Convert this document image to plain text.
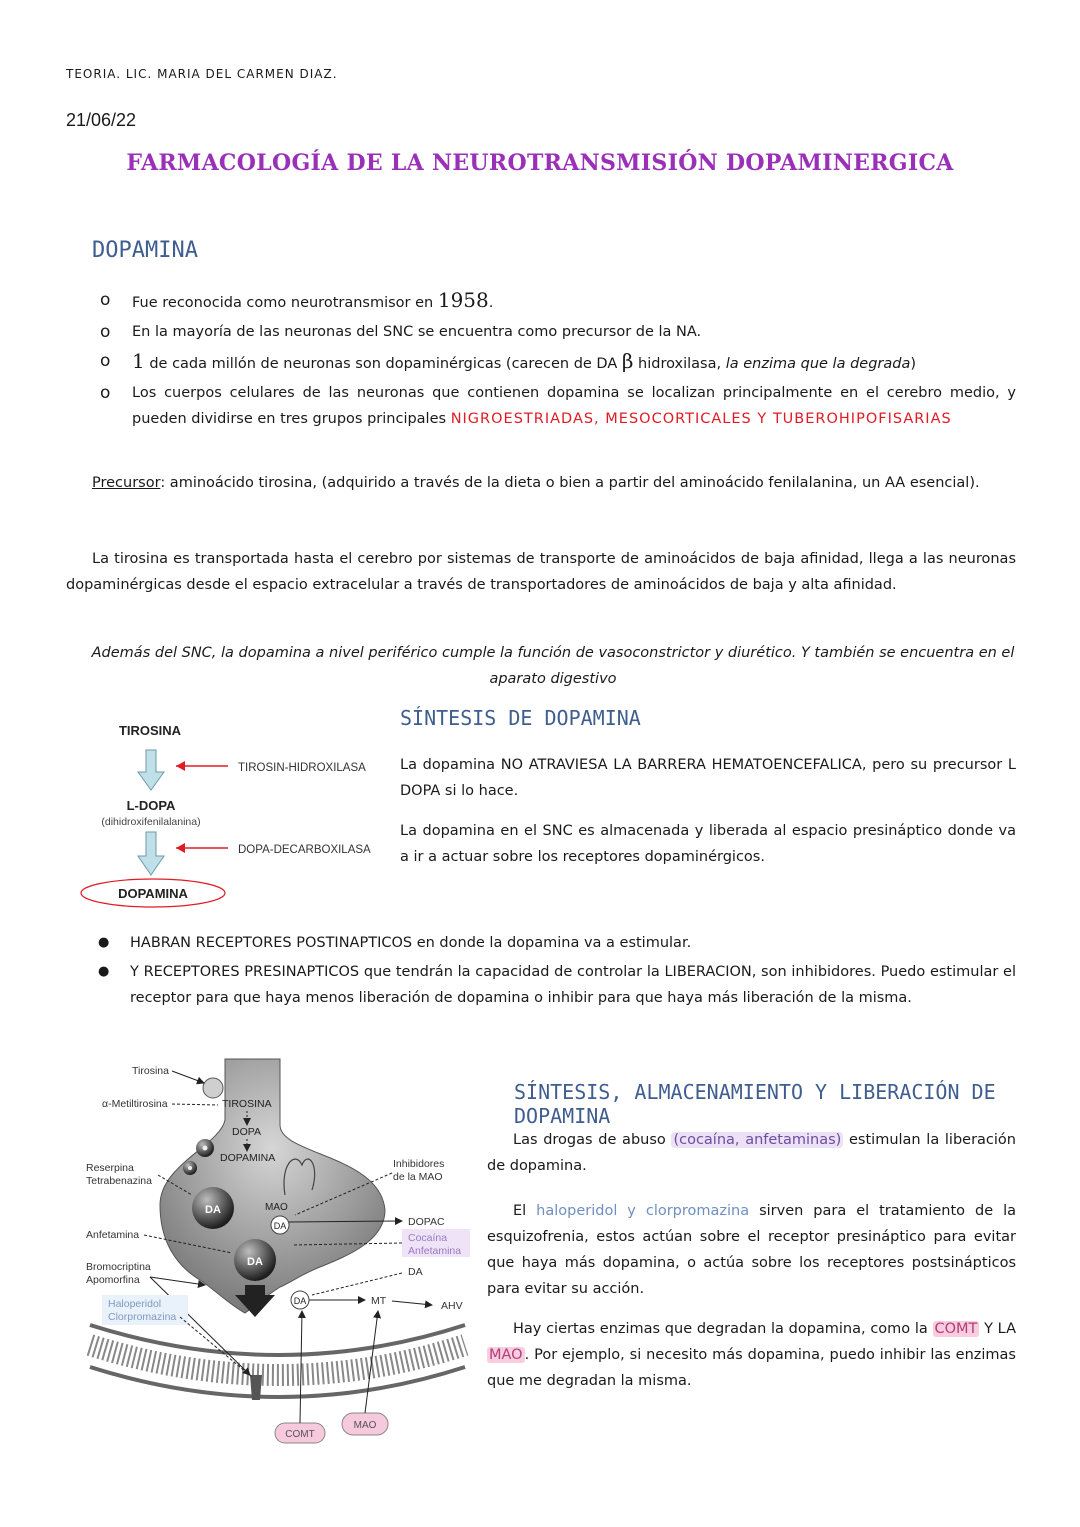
TEORIA. LIC. MARIA DEL CARMEN DIAZ.
21/06/22
FARMACOLOGÍA DE LA NEUROTRANSMISIÓN DOPAMINERGICA
DOPAMINA
o Fue reconocida como neurotransmisor en 1958.
o En la mayoría de las neuronas del SNC se encuentra como precursor de la NA.
o 1 de cada millón de neuronas son dopaminérgicas (carecen de DA β hidroxilasa, la enzima que la degrada)
o Los cuerpos celulares de las neuronas que contienen dopamina se localizan principalmente en el cerebro medio, y pueden dividirse en tres grupos principales NIGROESTRIADAS, MESOCORTICALES Y TUBEROHIPOFISARIAS
Precursor: aminoácido tirosina, (adquirido a través de la dieta o bien a partir del aminoácido fenilalanina, un AA esencial).
La tirosina es transportada hasta el cerebro por sistemas de transporte de aminoácidos de baja afinidad, llega a las neuronas dopaminérgicas desde el espacio extracelular a través de transportadores de aminoácidos de baja y alta afinidad.
Además del SNC, la dopamina a nivel periférico cumple la función de vasoconstrictor y diurético. Y también se encuentra en el aparato digestivo
TIROSINA
TIROSIN-HIDROXILASA
L-DOPA
(dihidroxifenilalanina)
DOPA-DECARBOXILASA
DOPAMINA
SÍNTESIS DE DOPAMINA
La dopamina NO ATRAVIESA LA BARRERA HEMATOENCEFALICA, pero su precursor L DOPA si lo hace.
La dopamina en el SNC es almacenada y liberada al espacio presináptico donde va a ir a actuar sobre los receptores dopaminérgicos.
● HABRAN RECEPTORES POSTINAPTICOS en donde la dopamina va a estimular.
● Y RECEPTORES PRESINAPTICOS que tendrán la capacidad de controlar la LIBERACION, son inhibidores. Puedo estimular el receptor para que haya menos liberación de dopamina o inhibir para que haya más liberación de la misma.
DA
DA
TIROSINA
DOPA
DOPAMINA
MAO
DA
DA
COMT
MAO
Tirosina
α-Metiltirosina
Reserpina
Tetrabenazina
Anfetamina
Bromocriptina
Apomorfina
Haloperidol
Clorpromazina
Inhibidores
de la MAO
DOPAC
Cocaína
Anfetamina
DA
MT	AHV
SÍNTESIS, ALMACENAMIENTO Y LIBERACIÓN DE DOPAMINA
Las drogas de abuso (cocaína, anfetaminas) estimulan la liberación de dopamina.
El haloperidol y clorpromazina sirven para el tratamiento de la esquizofrenia, estos actúan sobre el receptor presináptico para evitar que haya más dopamina, o actúa sobre los receptores postsinápticos para evitar su acción.
Hay ciertas enzimas que degradan la dopamina, como la COMT Y LA MAO . Por ejemplo, si necesito más dopamina, puedo inhibir las enzimas que me degradan la misma.
